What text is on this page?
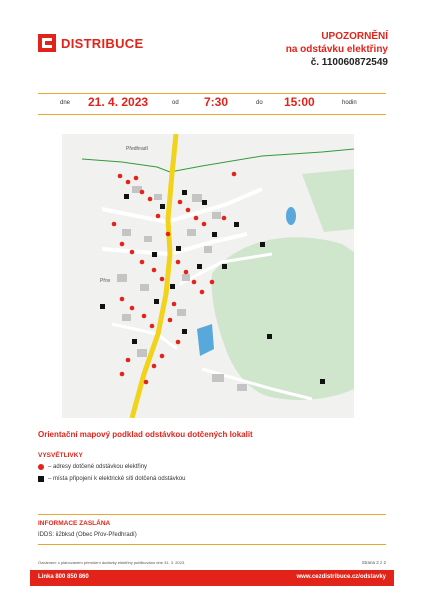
DISTRIBUCE	UPOZORNĚNÍ
na odstávku elektřiny
č. 110060872549
dne 21. 4. 2023	od 7:30	do 15:00	hodin
Předhradí
Přov
Orientační mapový podklad odstávkou dotčených lokalit
VYSVĚTLIVKY
– adresy dotčené odstávkou elektřiny
– místa připojení k elektrické síti dotčená odstávkou
INFORMACE ZASLÁNA
IDDS: ii2bksd (Obec Přov-Předhradí)
Oznámení o plánovaném přerušení dodávky elektřiny publikováno dne 31. 3. 2023.	Strana 2 z 2
Linka 800 850 860	www.cezdistribuce.cz/odstavky
